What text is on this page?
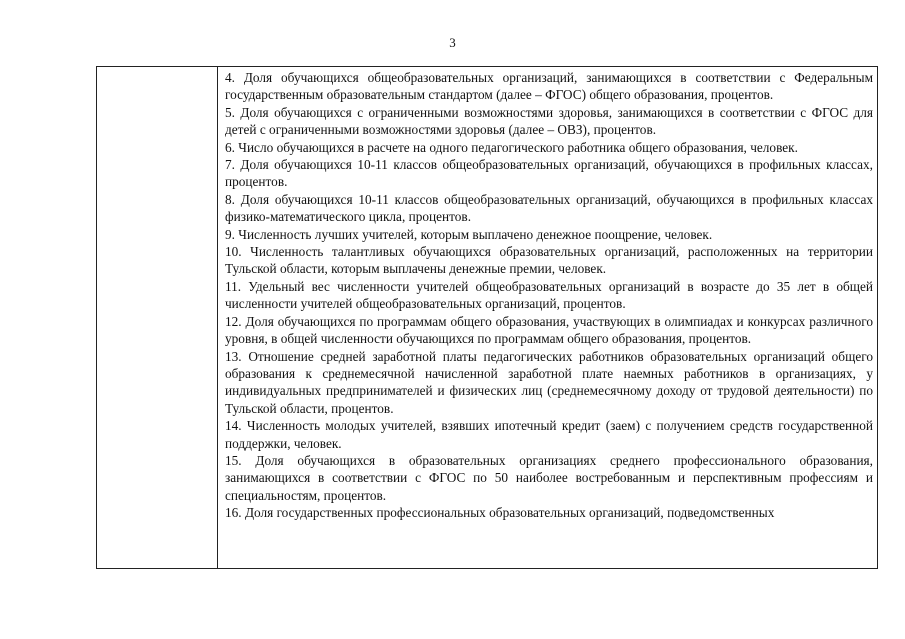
3

4. Доля обучающихся общеобразовательных организаций, занимающихся в соответствии с Федеральным государственным образовательным стандартом (далее – ФГОС) общего образования, процентов.

5. Доля обучающихся с ограниченными возможностями здоровья, занимающихся в соответствии с ФГОС для детей с ограниченными возможностями здоровья (далее – ОВЗ), процентов.

6. Число обучающихся в расчете на одного педагогического работника общего образования, человек.

7. Доля обучающихся 10-11 классов общеобразовательных организаций, обучающихся в профильных классах, процентов.

8. Доля обучающихся 10-11 классов общеобразовательных организаций, обучающихся в профильных классах физико-математического цикла, процентов.

9. Численность лучших учителей, которым выплачено денежное поощрение, человек.

10. Численность талантливых обучающихся образовательных организаций, расположенных на территории Тульской области, которым выплачены денежные премии, человек.

11. Удельный вес численности учителей общеобразовательных организаций в возрасте до 35 лет в общей численности учителей общеобразовательных организаций, процентов.

12. Доля обучающихся по программам общего образования, участвующих в олимпиадах и конкурсах различного уровня, в общей численности обучающихся по программам общего образования, процентов.

13. Отношение средней заработной платы педагогических работников образовательных организаций общего образования к среднемесячной начисленной заработной плате наемных работников в организациях, у индивидуальных предпринимателей и физических лиц (среднемесячному доходу от трудовой деятельности) по Тульской области, процентов.

14. Численность молодых учителей, взявших ипотечный кредит (заем) с получением средств государственной поддержки, человек.

15. Доля обучающихся в образовательных организациях среднего профессионального образования, занимающихся в соответствии с ФГОС по 50 наиболее востребованным и перспективным профессиям и специальностям, процентов.

16. Доля государственных профессиональных образовательных организаций, подведомственных
